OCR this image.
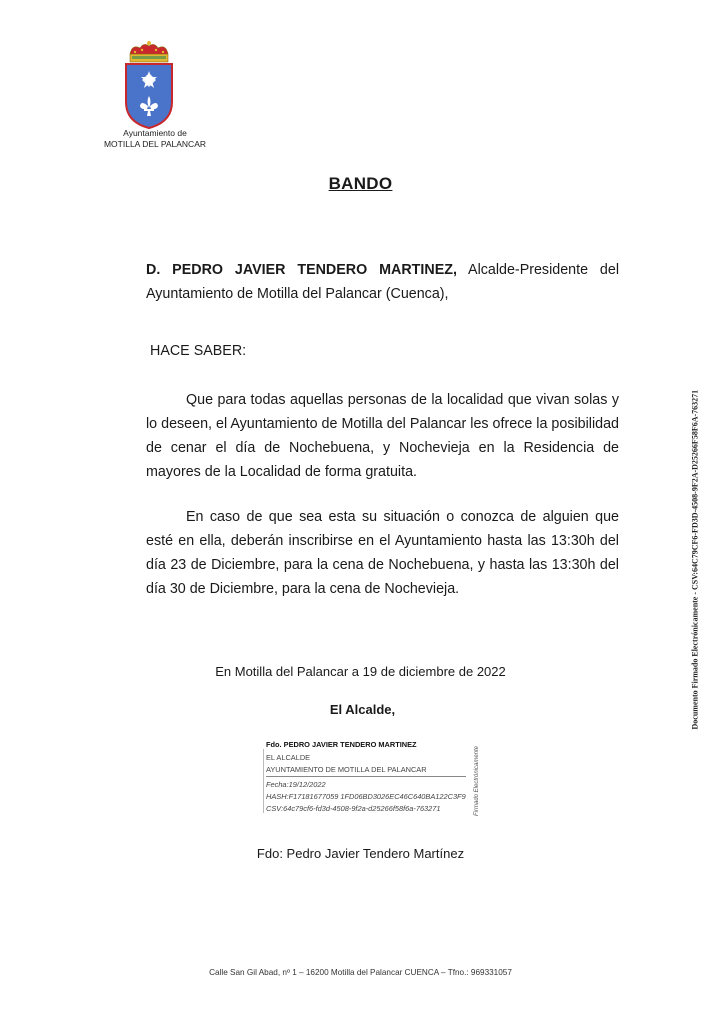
Ayuntamiento de
MOTILLA DEL PALANCAR
BANDO
D. PEDRO JAVIER TENDERO MARTINEZ, Alcalde-Presidente del Ayuntamiento de Motilla del Palancar (Cuenca),
HACE SABER:
Que para todas aquellas personas de la localidad que vivan solas y lo deseen, el Ayuntamiento de Motilla del Palancar les ofrece la posibilidad de cenar el día de Nochebuena, y Nochevieja en la Residencia de mayores de la Localidad de forma gratuita.
En caso de que sea esta su situación o conozca de alguien que esté en ella, deberán inscribirse en el Ayuntamiento hasta las 13:30h del día 23 de Diciembre, para la cena de Nochebuena, y hasta las 13:30h del día 30 de Diciembre, para la cena de Nochevieja.
En Motilla del Palancar a 19 de diciembre de 2022
El Alcalde,
Fdo. PEDRO JAVIER TENDERO MARTINEZ
EL ALCALDE
AYUNTAMIENTO DE MOTILLA DEL PALANCAR
Fecha:19/12/2022
HASH:F17181677059 1FD06BD3026EC46C640BA122C3F9
CSV:64c79cf6-fd3d-4508-9f2a-d25266f58f6a-763271	Firmado Electrónicamente
Fdo: Pedro Javier Tendero Martínez
Calle San Gil Abad, nº 1 – 16200 Motilla del Palancar CUENCA – Tfno.: 969331057
Documento Firmado Electrónicamente - CSV:64C79CF6-FD3D-4508-9F2A-D25266F58F6A-763271
